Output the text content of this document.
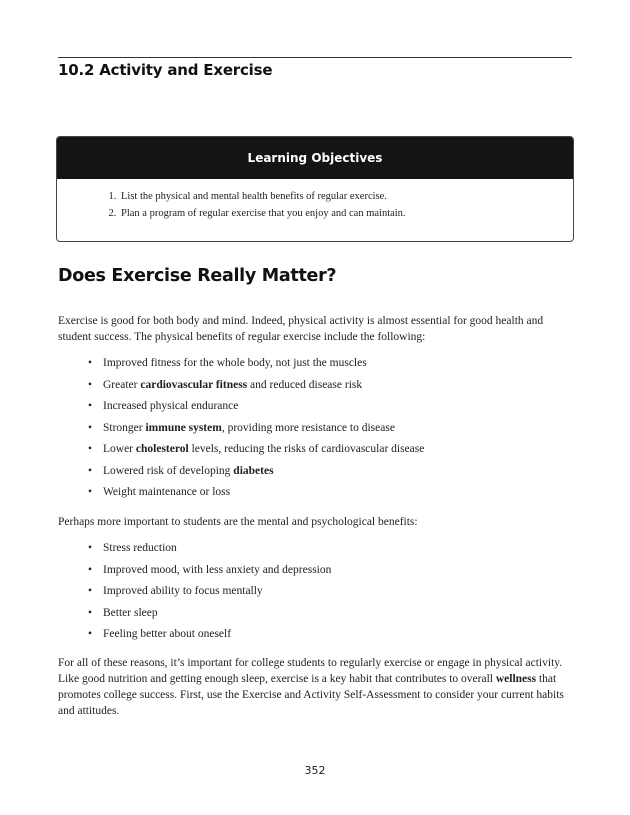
10.2 Activity and Exercise
Learning Objectives
1. List the physical and mental health benefits of regular exercise.
2. Plan a program of regular exercise that you enjoy and can maintain.
Does Exercise Really Matter?
Exercise is good for both body and mind. Indeed, physical activity is almost essential for good health and student success. The physical benefits of regular exercise include the following:
• Improved fitness for the whole body, not just the muscles
• Greater cardiovascular fitness and reduced disease risk
• Increased physical endurance
• Stronger immune system, providing more resistance to disease
• Lower cholesterol levels, reducing the risks of cardiovascular disease
• Lowered risk of developing diabetes
• Weight maintenance or loss
Perhaps more important to students are the mental and psychological benefits:
• Stress reduction
• Improved mood, with less anxiety and depression
• Improved ability to focus mentally
• Better sleep
• Feeling better about oneself
For all of these reasons, it’s important for college students to regularly exercise or engage in physical activity. Like good nutrition and getting enough sleep, exercise is a key habit that contributes to overall wellness that promotes college success. First, use the Exercise and Activity Self-Assessment to consider your current habits and attitudes.
352
